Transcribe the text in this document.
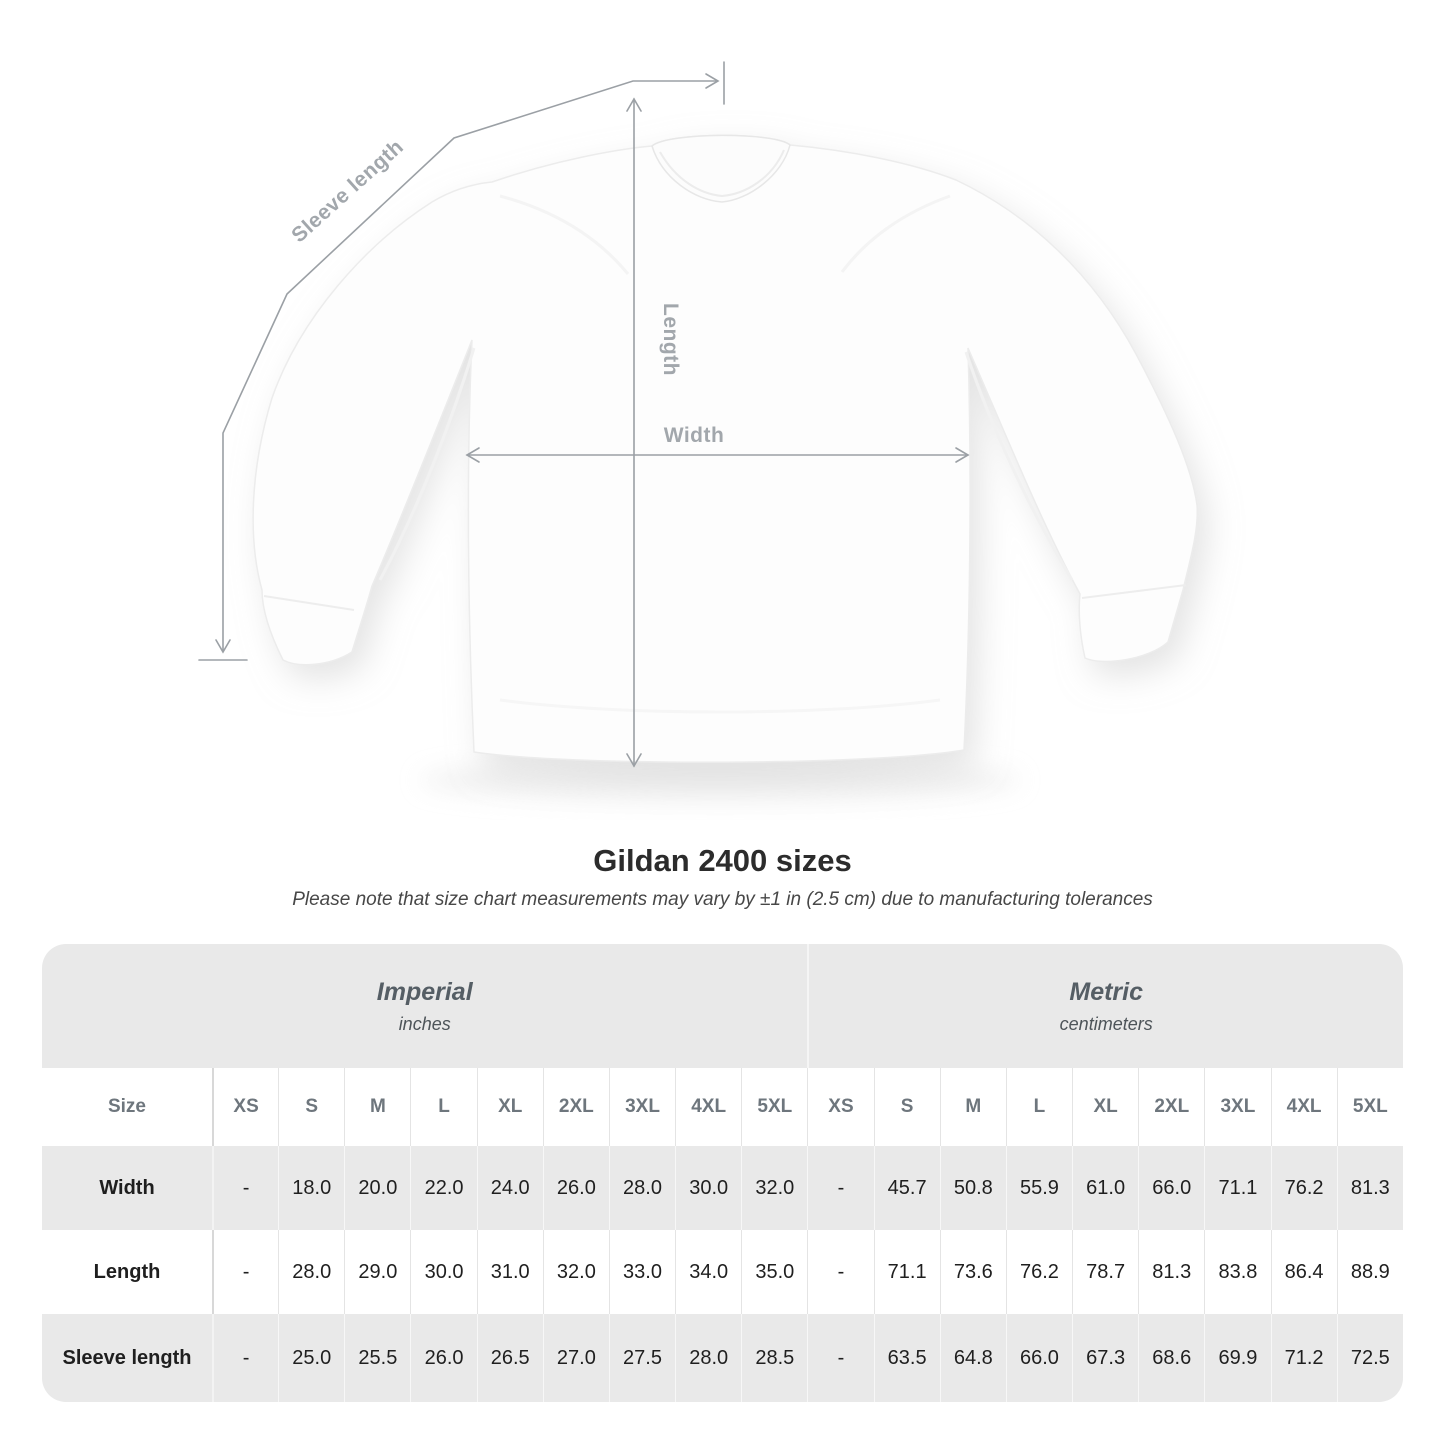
Sleeve length
Length
Width
Gildan 2400 sizes
Please note that size chart measurements may vary by ±1 in (2.5 cm) due to manufacturing tolerances
Imperial
inches

Metric
centimeters

Size	XS	S	M	L	XL	2XL	3XL	4XL	5XL	XS	S	M	L	XL	2XL	3XL	4XL	5XL
Width	-	18.0	20.0	22.0	24.0	26.0	28.0	30.0	32.0	-	45.7	50.8	55.9	61.0	66.0	71.1	76.2	81.3
Length	-	28.0	29.0	30.0	31.0	32.0	33.0	34.0	35.0	-	71.1	73.6	76.2	78.7	81.3	83.8	86.4	88.9
Sleeve length	-	25.0	25.5	26.0	26.5	27.0	27.5	28.0	28.5	-	63.5	64.8	66.0	67.3	68.6	69.9	71.2	72.5
